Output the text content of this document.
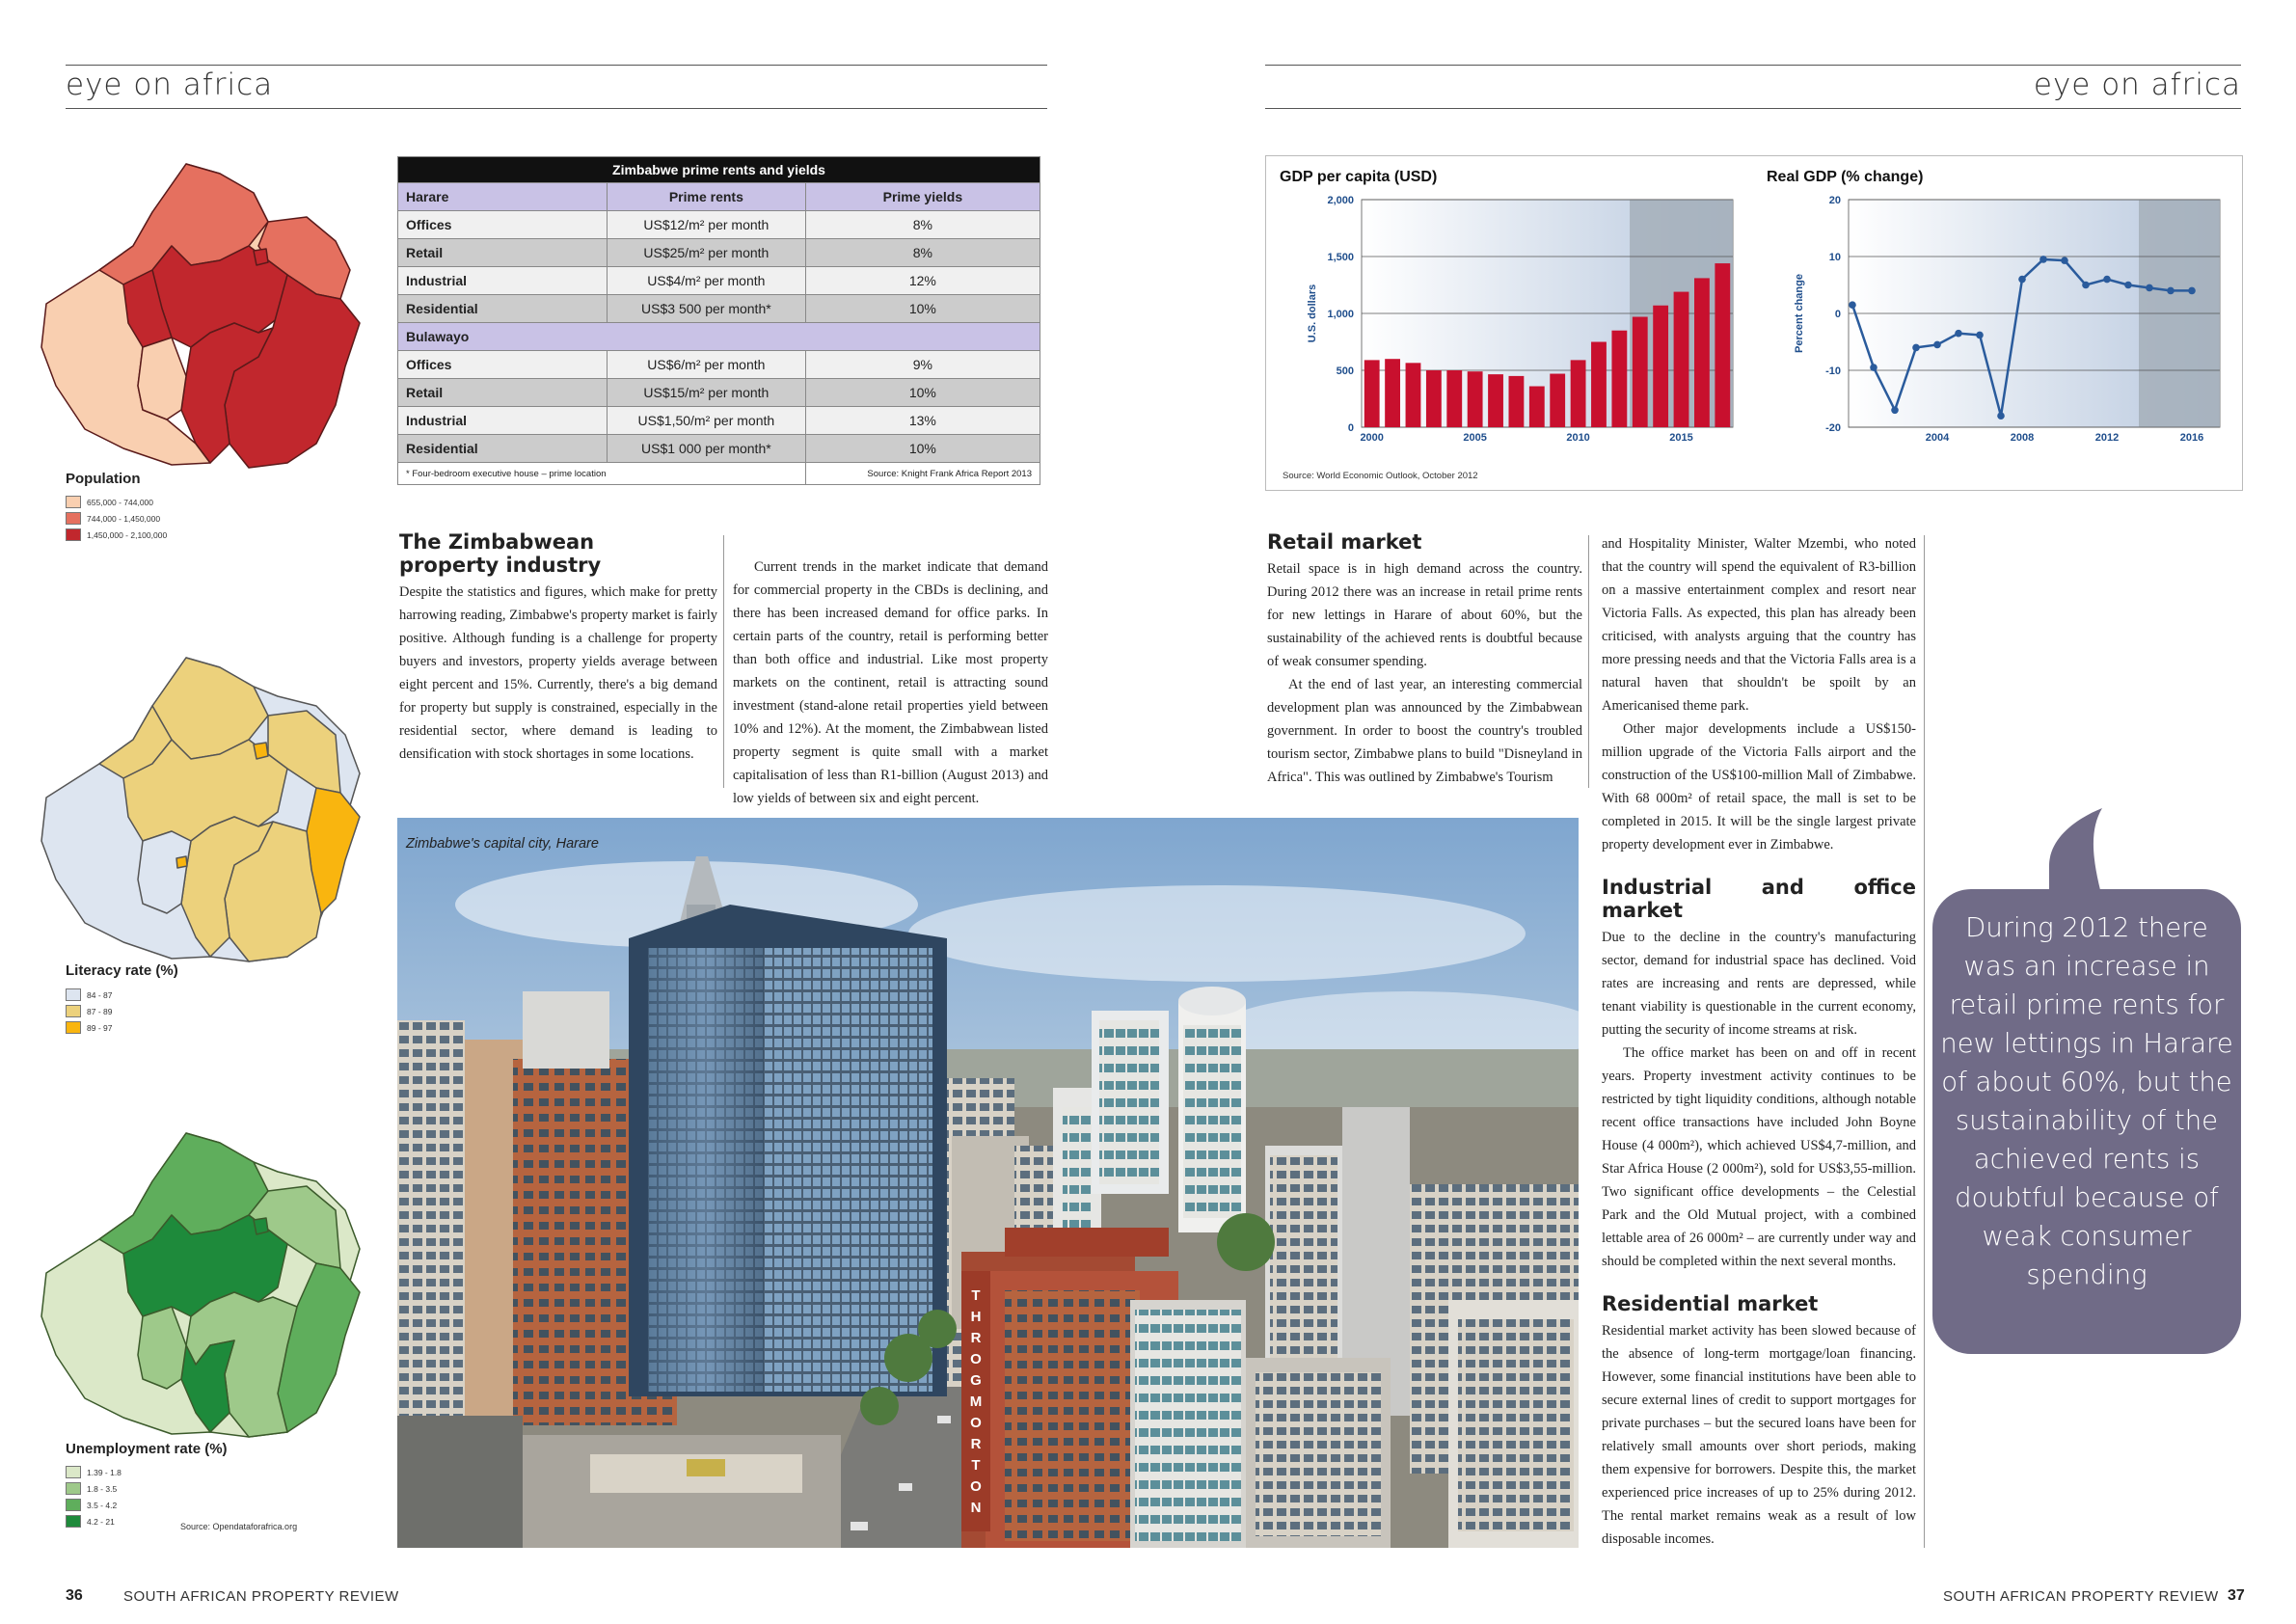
eye on africa	eye on africa
Population
655,000 - 744,000
744,000 - 1,450,000
1,450,000 - 2,100,000
Literacy rate (%)
84 - 87
87 - 89
89 - 97
Unemployment rate (%)
1.39 - 1.8
1.8 - 3.5
3.5 - 4.2
4.2 - 21
Source: Opendataforafrica.org
Zimbabwe prime rents and yields		
Harare	Prime rents	Prime yields
Offices	US$12/m² per month	8%
Retail	US$25/m² per month	8%
Industrial	US$4/m² per month	12%
Residential	US$3 500 per month*	10%
Bulawayo		
Offices	US$6/m² per month	9%
Retail	US$15/m² per month	10%
Industrial	US$1,50/m² per month	13%
Residential	US$1 000 per month*	10%
* Four-bedroom executive house – prime location		Source: Knight Frank Africa Report 2013
The Zimbabwean
property industry

Despite the statistics and figures, which make for pretty harrowing reading, Zimbabwe's property market is fairly positive. Although funding is a challenge for property buyers and investors, property yields average between eight percent and 15%. Currently, there's a big demand for property but supply is constrained, especially in the residential sector, where demand is leading to densification with stock shortages in some locations.

Current trends in the market indicate that demand for commercial property in the CBDs is declining, and there has been increased demand for office parks. In certain parts of the country, retail is performing better than both office and industrial. Like most property markets on the continent, retail is attracting sound investment (stand-alone retail properties yield between 10% and 12%). At the moment, the Zimbabwean listed property segment is quite small with a market capitalisation of less than R1-billion (August 2013) and low yields of between six and eight percent.

Retail market

Retail space is in high demand across the country. During 2012 there was an increase in retail prime rents for new lettings in Harare of about 60%, but the sustainability of the achieved rents is doubtful because of weak consumer spending.

At the end of last year, an interesting commercial development plan was announced by the Zimbabwean government. In order to boost the country's troubled tourism sector, Zimbabwe plans to build "Disneyland in Africa". This was outlined by Zimbabwe's Tourism

and Hospitality Minister, Walter Mzembi, who noted that the country will spend the equivalent of R3-billion on a massive entertainment complex and resort near Victoria Falls. As expected, this plan has already been criticised, with analysts arguing that the country has more pressing needs and that the Victoria Falls area is a natural haven that shouldn't be spoilt by an Americanised theme park.

Other major developments include a US$150-million upgrade of the Victoria Falls airport and the construction of the US$100-million Mall of Zimbabwe. With 68 000m² of retail space, the mall is set to be completed in 2015. It will be the single largest private property development ever in Zimbabwe.

Industrial and office market

Due to the decline in the country's manufacturing sector, demand for industrial space has declined. Void rates are increasing and rents are depressed, while tenant viability is questionable in the current economy, putting the security of income streams at risk.

The office market has been on and off in recent years. Property investment activity continues to be restricted by tight liquidity conditions, although notable recent office transactions have included John Boyne House (4 000m²), which achieved US$4,7-million, and Star Africa House (2 000m²), sold for US$3,55-million. Two significant office developments – the Celestial Park and the Old Mutual project, with a combined lettable area of 26 000m² – are currently under way and should be completed within the next several months.

Residential market

Residential market activity has been slowed because of the absence of long-term mortgage/loan financing. However, some financial institutions have been able to secure external lines of credit to support mortgages for private purchases – but the secured loans have been for relatively small amounts over short periods, making them expensive for borrowers. Despite this, the market experienced price increases of up to 25% during 2012. The rental market remains weak as a result of low disposable incomes.

GDP per capita (USD)	Real GDP (% change)
0
500
1,000
1,500
2,000
2000	2005	2010	2015
U.S. dollars
-20
-10
0
10
20
2004	2008	2012	2016
Percent change
Source: World Economic Outlook, October 2012
T H R O G M O R T O N
Zimbabwe's capital city, Harare
During 2012 there was an increase in retail prime rents for new lettings in Harare of about 60%, but the sustainability of the achieved rents is doubtful because of weak consumer spending
36	SOUTH AFRICAN PROPERTY REVIEW	SOUTH AFRICAN PROPERTY REVIEW 37
